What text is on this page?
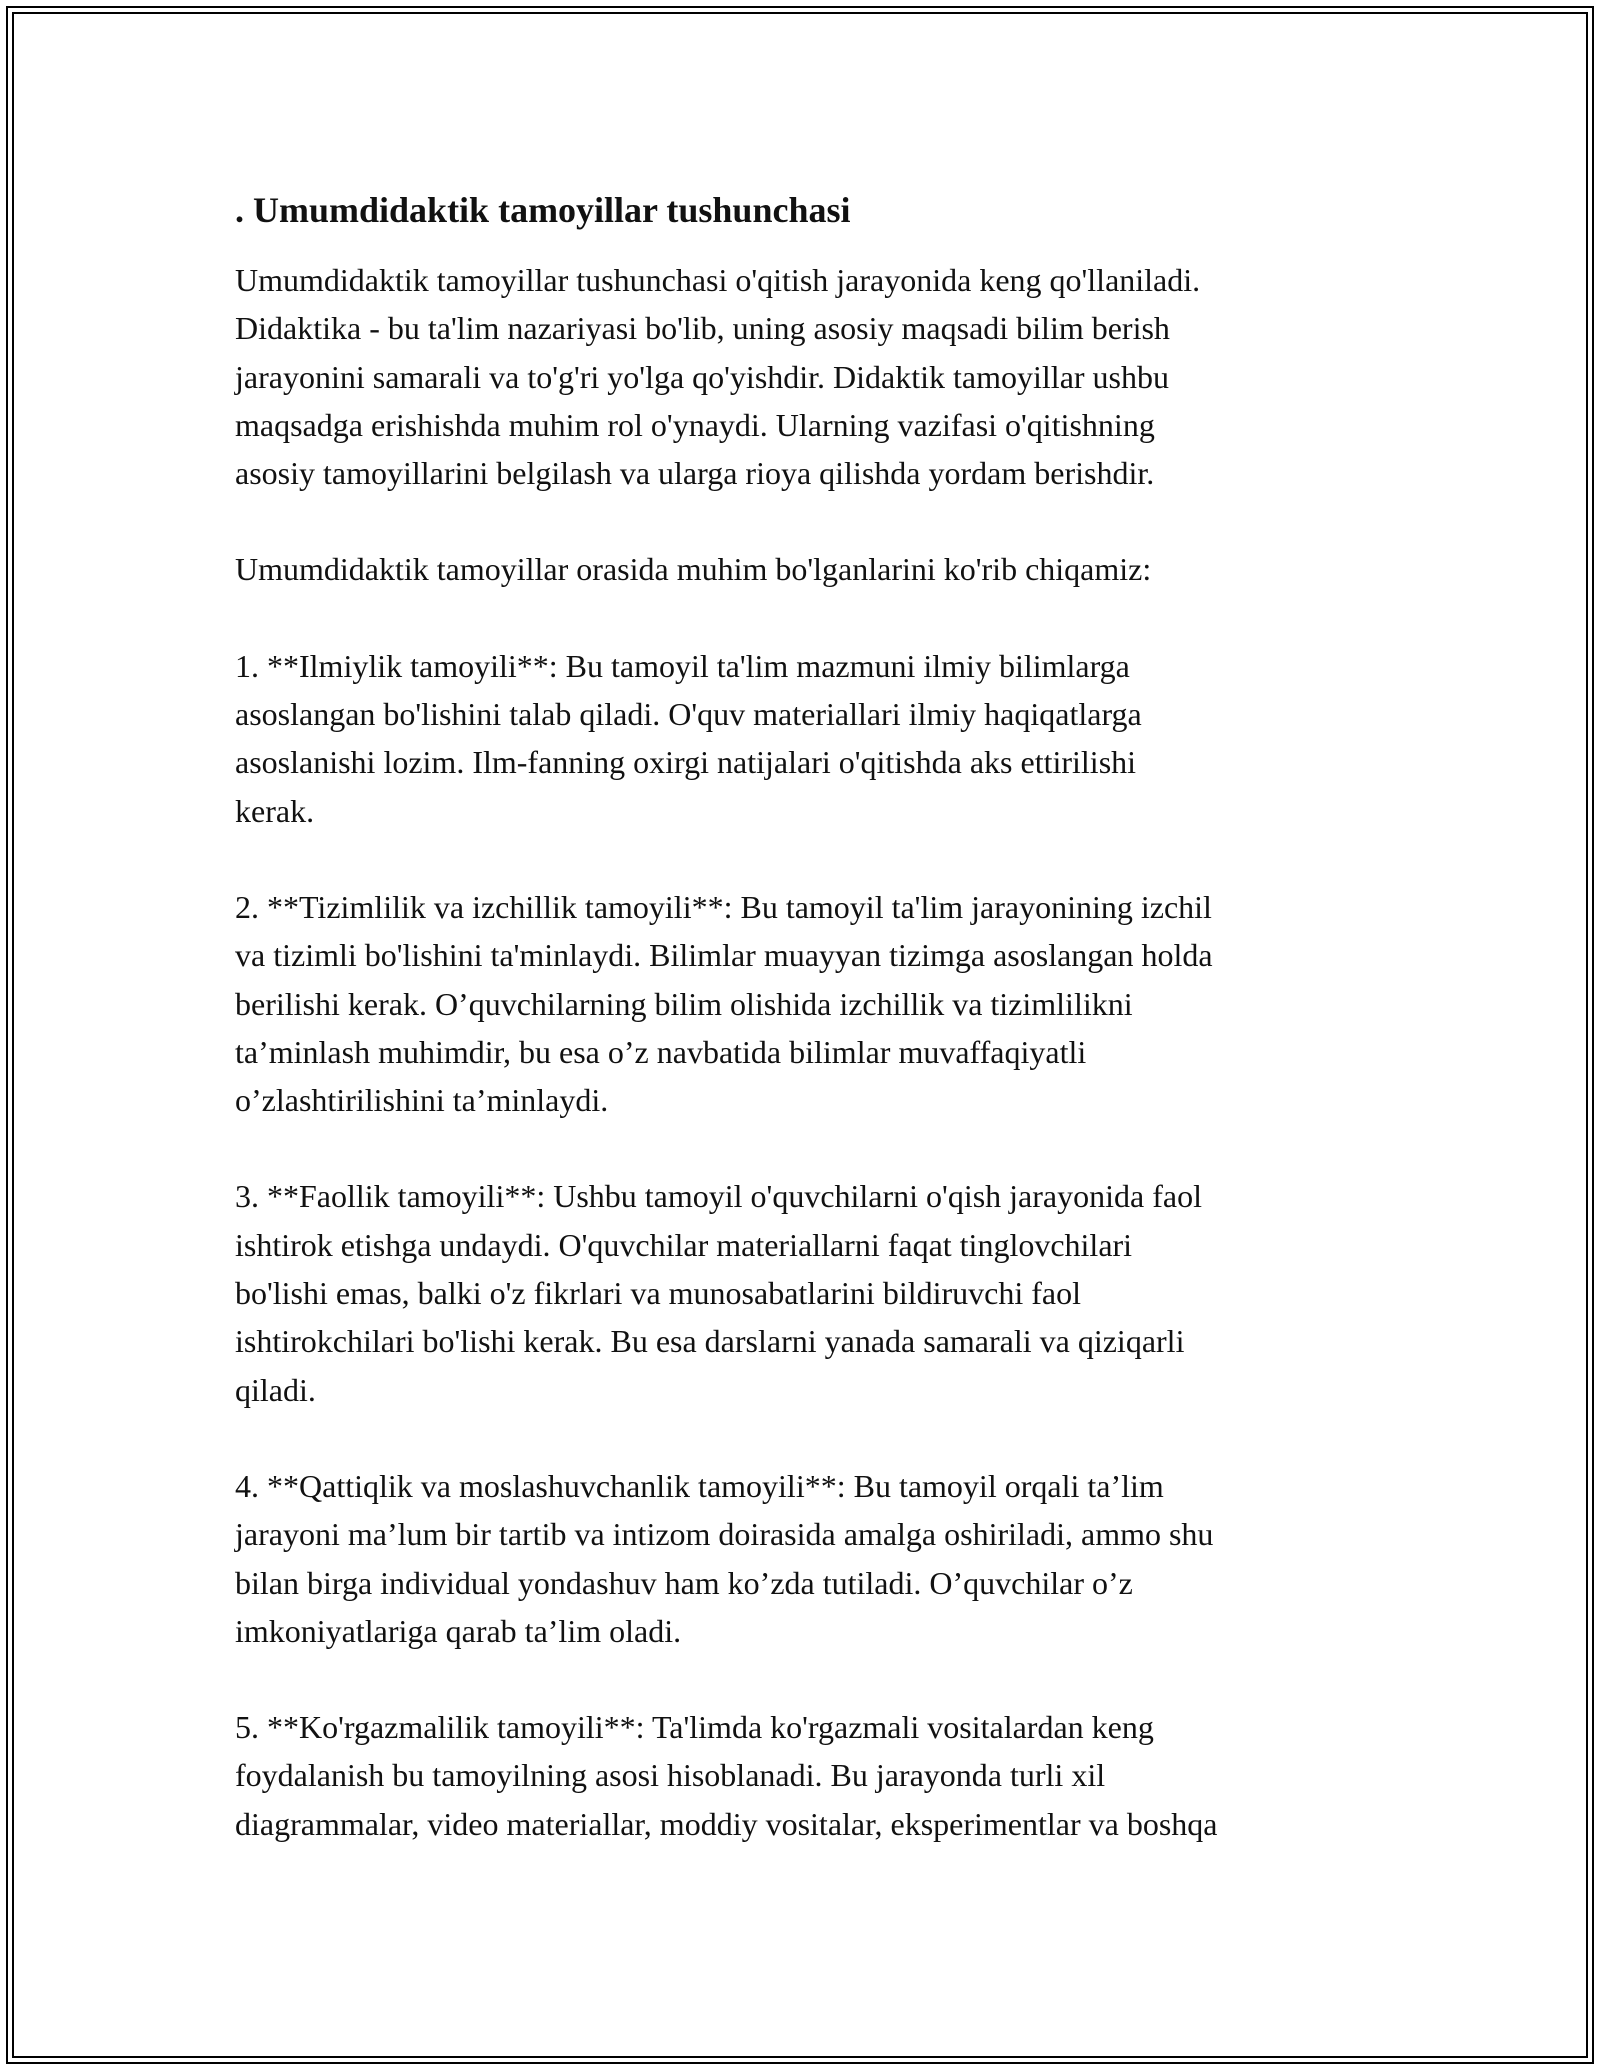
. Umumdidaktik tamoyillar tushunchasi
Umumdidaktik tamoyillar tushunchasi o'qitish jarayonida keng qo'llaniladi.
Didaktika - bu ta'lim nazariyasi bo'lib, uning asosiy maqsadi bilim berish
jarayonini samarali va to'g'ri yo'lga qo'yishdir. Didaktik tamoyillar ushbu
maqsadga erishishda muhim rol o'ynaydi. Ularning vazifasi o'qitishning
asosiy tamoyillarini belgilash va ularga rioya qilishda yordam berishdir.
Umumdidaktik tamoyillar orasida muhim bo'lganlarini ko'rib chiqamiz:
1. **Ilmiylik tamoyili**: Bu tamoyil ta'lim mazmuni ilmiy bilimlarga
asoslangan bo'lishini talab qiladi. O'quv materiallari ilmiy haqiqatlarga
asoslanishi lozim. Ilm-fanning oxirgi natijalari o'qitishda aks ettirilishi
kerak.
2. **Tizimlilik va izchillik tamoyili**: Bu tamoyil ta'lim jarayonining izchil
va tizimli bo'lishini ta'minlaydi. Bilimlar muayyan tizimga asoslangan holda
berilishi kerak. O’quvchilarning bilim olishida izchillik va tizimlilikni
ta’minlash muhimdir, bu esa o’z navbatida bilimlar muvaffaqiyatli
o’zlashtirilishini ta’minlaydi.
3. **Faollik tamoyili**: Ushbu tamoyil o'quvchilarni o'qish jarayonida faol
ishtirok etishga undaydi. O'quvchilar materiallarni faqat tinglovchilari
bo'lishi emas, balki o'z fikrlari va munosabatlarini bildiruvchi faol
ishtirokchilari bo'lishi kerak. Bu esa darslarni yanada samarali va qiziqarli
qiladi.
4. **Qattiqlik va moslashuvchanlik tamoyili**: Bu tamoyil orqali ta’lim
jarayoni ma’lum bir tartib va intizom doirasida amalga oshiriladi, ammo shu
bilan birga individual yondashuv ham ko’zda tutiladi. O’quvchilar o’z
imkoniyatlariga qarab ta’lim oladi.
5. **Ko'rgazmalilik tamoyili**: Ta'limda ko'rgazmali vositalardan keng
foydalanish bu tamoyilning asosi hisoblanadi. Bu jarayonda turli xil
diagrammalar, video materiallar, moddiy vositalar, eksperimentlar va boshqa
